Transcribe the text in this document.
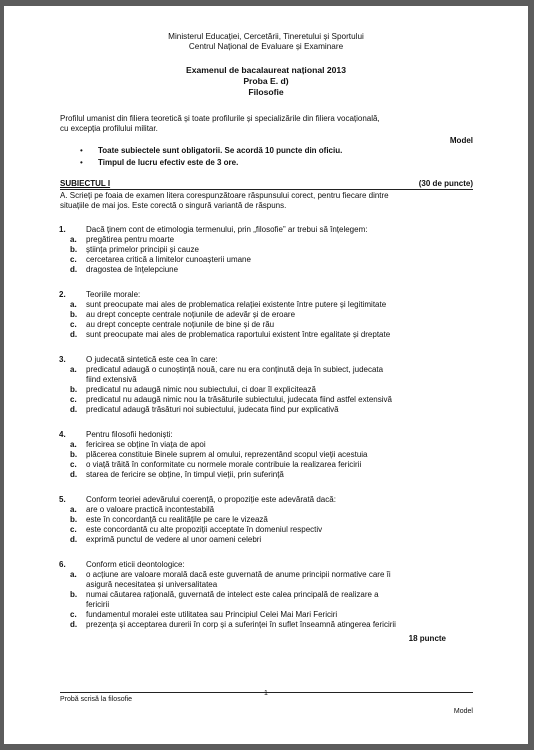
Ministerul Educației, Cercetării, Tineretului și Sportului
Centrul Național de Evaluare și Examinare
Examenul de bacalaureat național 2013
Proba E. d)
Filosofie
Profilul umanist din filiera teoretică și toate profilurile și specializările din filiera vocațională,
cu excepția profilului militar.
Model
• Toate subiectele sunt obligatorii. Se acordă 10 puncte din oficiu.
• Timpul de lucru efectiv este de 3 ore.
SUBIECTUL I	(30 de puncte)
A. Scrieți pe foaia de examen litera corespunzătoare răspunsului corect, pentru fiecare dintre
situațiile de mai jos. Este corectă o singură variantă de răspuns.
1.	Dacă ținem cont de etimologia termenului, prin „filosofie” ar trebui să înțelegem:
a. pregătirea pentru moarte
b. știința primelor principii și cauze
c. cercetarea critică a limitelor cunoașterii umane
d. dragostea de înțelepciune
2.	Teoriile morale:
a. sunt preocupate mai ales de problematica relației existente între putere și legitimitate
b. au drept concepte centrale noțiunile de adevăr și de eroare
c. au drept concepte centrale noțiunile de bine și de rău
d. sunt preocupate mai ales de problematica raportului existent între egalitate și dreptate
3.	O judecată sintetică este cea în care:
a. predicatul adaugă o cunoștință nouă, care nu era conținută deja în subiect, judecata
fiind extensivă
b. predicatul nu adaugă nimic nou subiectului, ci doar îl explicitează
c. predicatul nu adaugă nimic nou la trăsăturile subiectului, judecata fiind astfel extensivă
d. predicatul adaugă trăsături noi subiectului, judecata fiind pur explicativă
4.	Pentru filosofii hedoniști:
a. fericirea se obține în viața de apoi
b. plăcerea constituie Binele suprem al omului, reprezentând scopul vieții acestuia
c. o viață trăită în conformitate cu normele morale contribuie la realizarea fericirii
d. starea de fericire se obține, în timpul vieții, prin suferință
5.	Conform teoriei adevărului coerență, o propoziție este adevărată dacă:
a. are o valoare practică incontestabilă
b. este în concordanță cu realitățile pe care le vizează
c. este concordantă cu alte propoziții acceptate în domeniul respectiv
d. exprimă punctul de vedere al unor oameni celebri
6.	Conform eticii deontologice:
a. o acțiune are valoare morală dacă este guvernată de anume principii normative care îi
asigură necesitatea și universalitatea
b. numai căutarea rațională, guvernată de intelect este calea principală de realizare a
fericirii
c. fundamentul moralei este utilitatea sau Principiul Celei Mai Mari Fericiri
d. prezența și acceptarea durerii în corp și a suferinței în suflet înseamnă atingerea fericirii
18 puncte
Probă scrisă la filosofie
1
Model
